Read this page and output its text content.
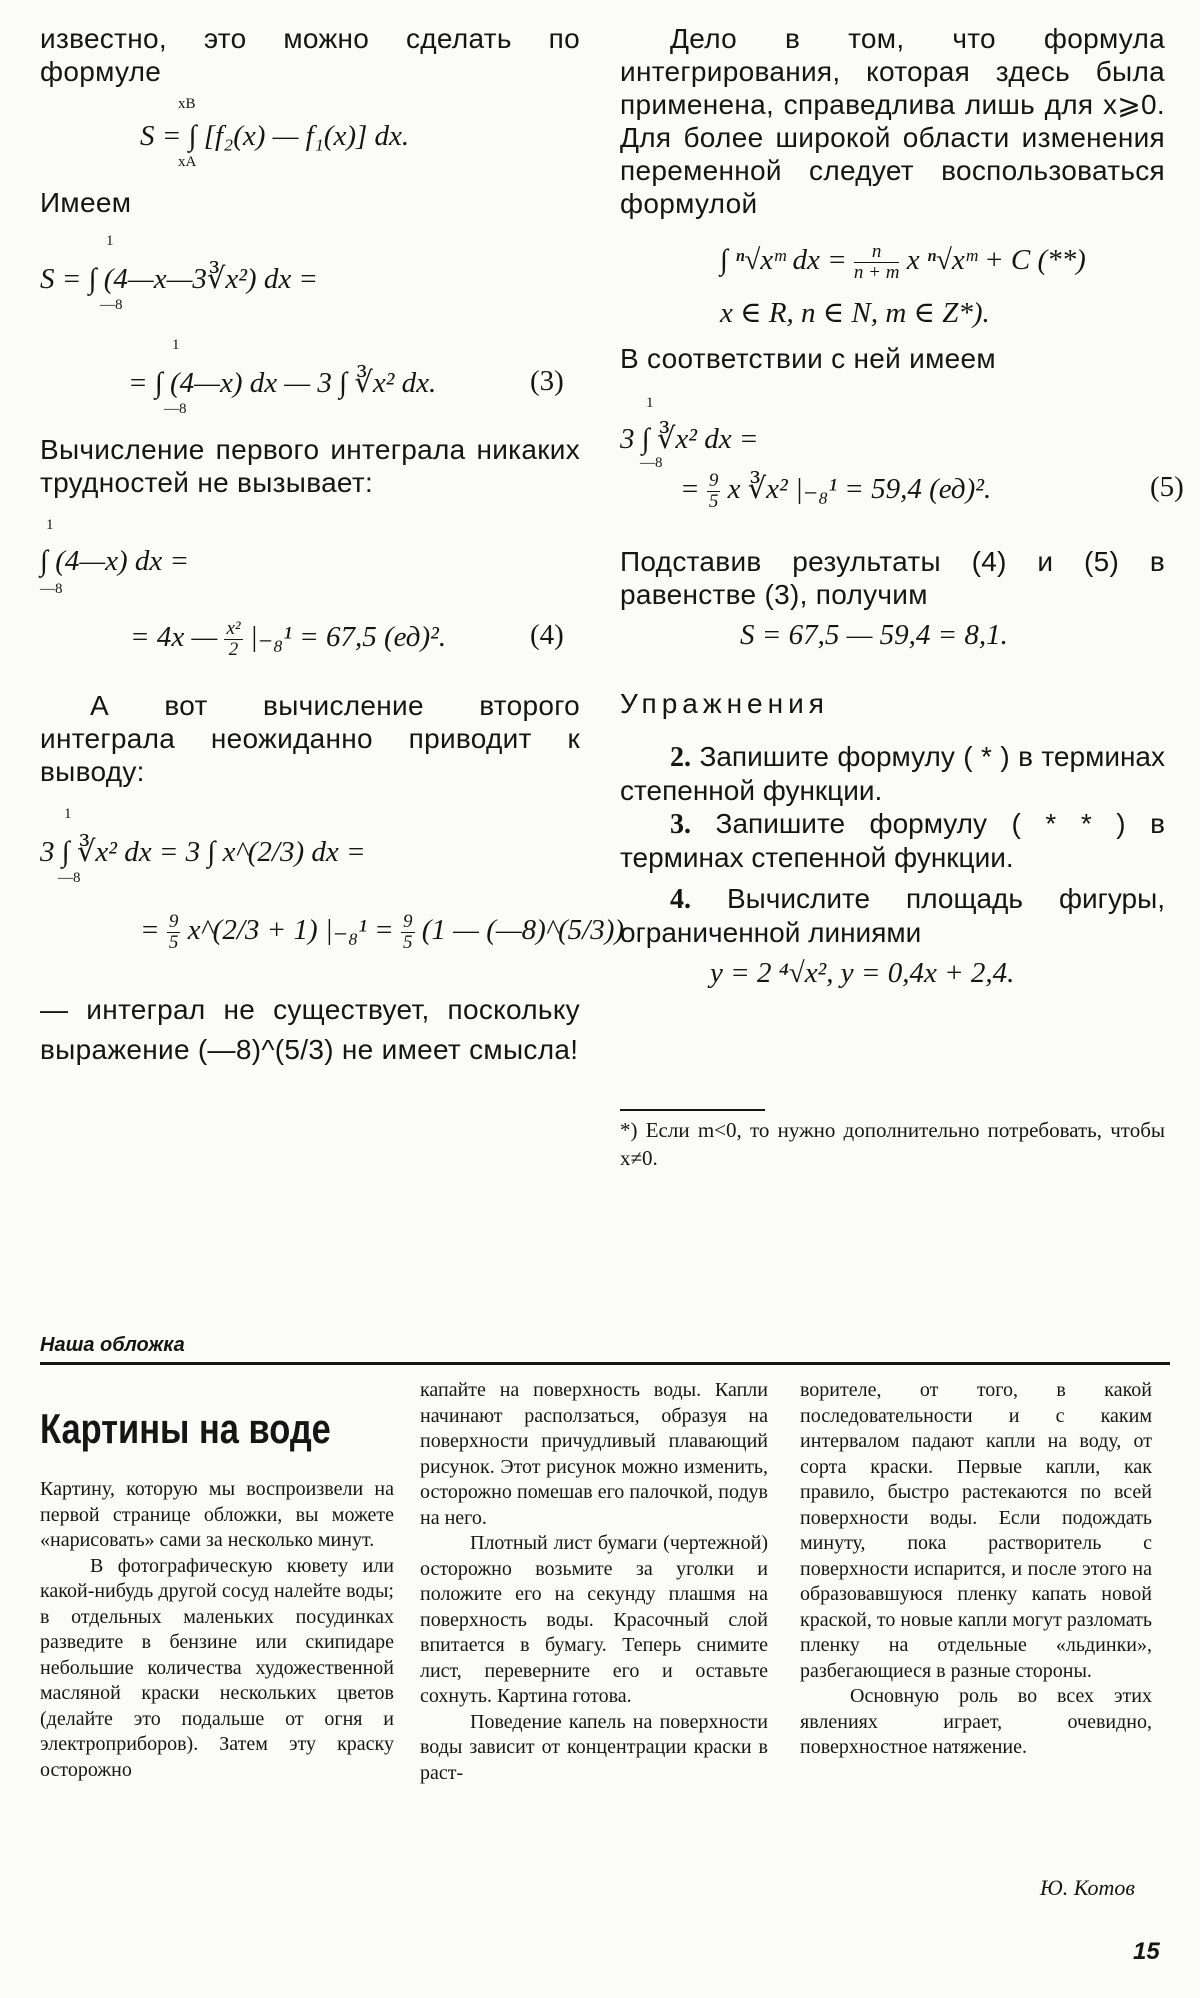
известно, это можно сделать по формуле
xB
S = ∫ [f₂(x) — f₁(x)] dx.
xA
Имеем
1
S = ∫ (4—x—3∛x²) dx =
—8
1
= ∫ (4—x) dx — 3 ∫ ∛x² dx.
—8
(3)
Вычисление первого интеграла никаких трудностей не вызывает:
1
∫ (4—x) dx =
—8
= 4x — $\frac{\text{x²}}{2} |_{-8}^1 = 67,5$ (ед)².	(4)
А вот вычисление второго интеграла неожиданно приводит к выводу:
1
3 ∫ ∛x² dx = 3 ∫ x^(2/3) dx =
—8
= $\frac{9}{5}$ x^(2/3 + 1) $|_{-8}^1 = \frac{9}{5} (1$ — (—8)^(5/3))
— интеграл не существует, поскольку выражение (—8)^(5/3) не имеет смысла!
Дело в том, что формула интегрирования, которая здесь была применена, справедлива лишь для x⩾0. Для более широкой области изменения переменной следует воспользоваться формулой
∫ ⁿ√xᵐ dx = $\frac{n}{n + m}$ x ⁿ√xᵐ + C (**)
x ∈ R, n ∈ N, m ∈ Z*).
В соответствии с ней имеем
1
3 ∫ ∛x² dx =
—8
= $\frac{9}{5}$ x ∛x² |₋₈¹ = 59,4 (ед)².	(5)
Подставив результаты (4) и (5) в равенстве (3), получим
S = 67,5 — 59,4 = 8,1.
Упражнения
2. Запишите формулу ( * ) в терминах степенной функции.
3. Запишите формулу ( * * ) в терминах степенной функции.
4. Вычислите площадь фигуры, ограниченной линиями
y = 2 ⁴√x², y = 0,4x + 2,4.
*) Если m<0, то нужно дополнительно потребовать, чтобы x≠0.
Наша обложка
Картины на воде

Картину, которую мы воспроизвели на первой странице обложки, вы можете «нарисовать» сами за несколько минут.

В фотографическую кювету или какой-нибудь другой сосуд налейте воды; в отдельных маленьких посудинках разведите в бензине или скипидаре небольшие количества художественной масляной краски нескольких цветов (делайте это подальше от огня и электроприборов). Затем эту краску осторожно

капайте на поверхность воды. Капли начинают расползаться, образуя на поверхности причудливый плавающий рисунок. Этот рисунок можно изменить, осторожно помешав его палочкой, подув на него.

Плотный лист бумаги (чертежной) осторожно возьмите за уголки и положите его на секунду плашмя на поверхность воды. Красочный слой впитается в бумагу. Теперь снимите лист, переверните его и оставьте сохнуть. Картина готова.

Поведение капель на поверхности воды зависит от концентрации краски в раст-

ворителе, от того, в какой последовательности и с каким интервалом падают капли на воду, от сорта краски. Первые капли, как правило, быстро растекаются по всей поверхности воды. Если подождать минуту, пока растворитель с поверхности испарится, и после этого на образовавшуюся пленку капать новой краской, то новые капли могут разломать пленку на отдельные «льдинки», разбегающиеся в разные стороны.

Основную роль во всех этих явлениях играет, очевидно, поверхностное натяжение.

Ю. Котов
15
